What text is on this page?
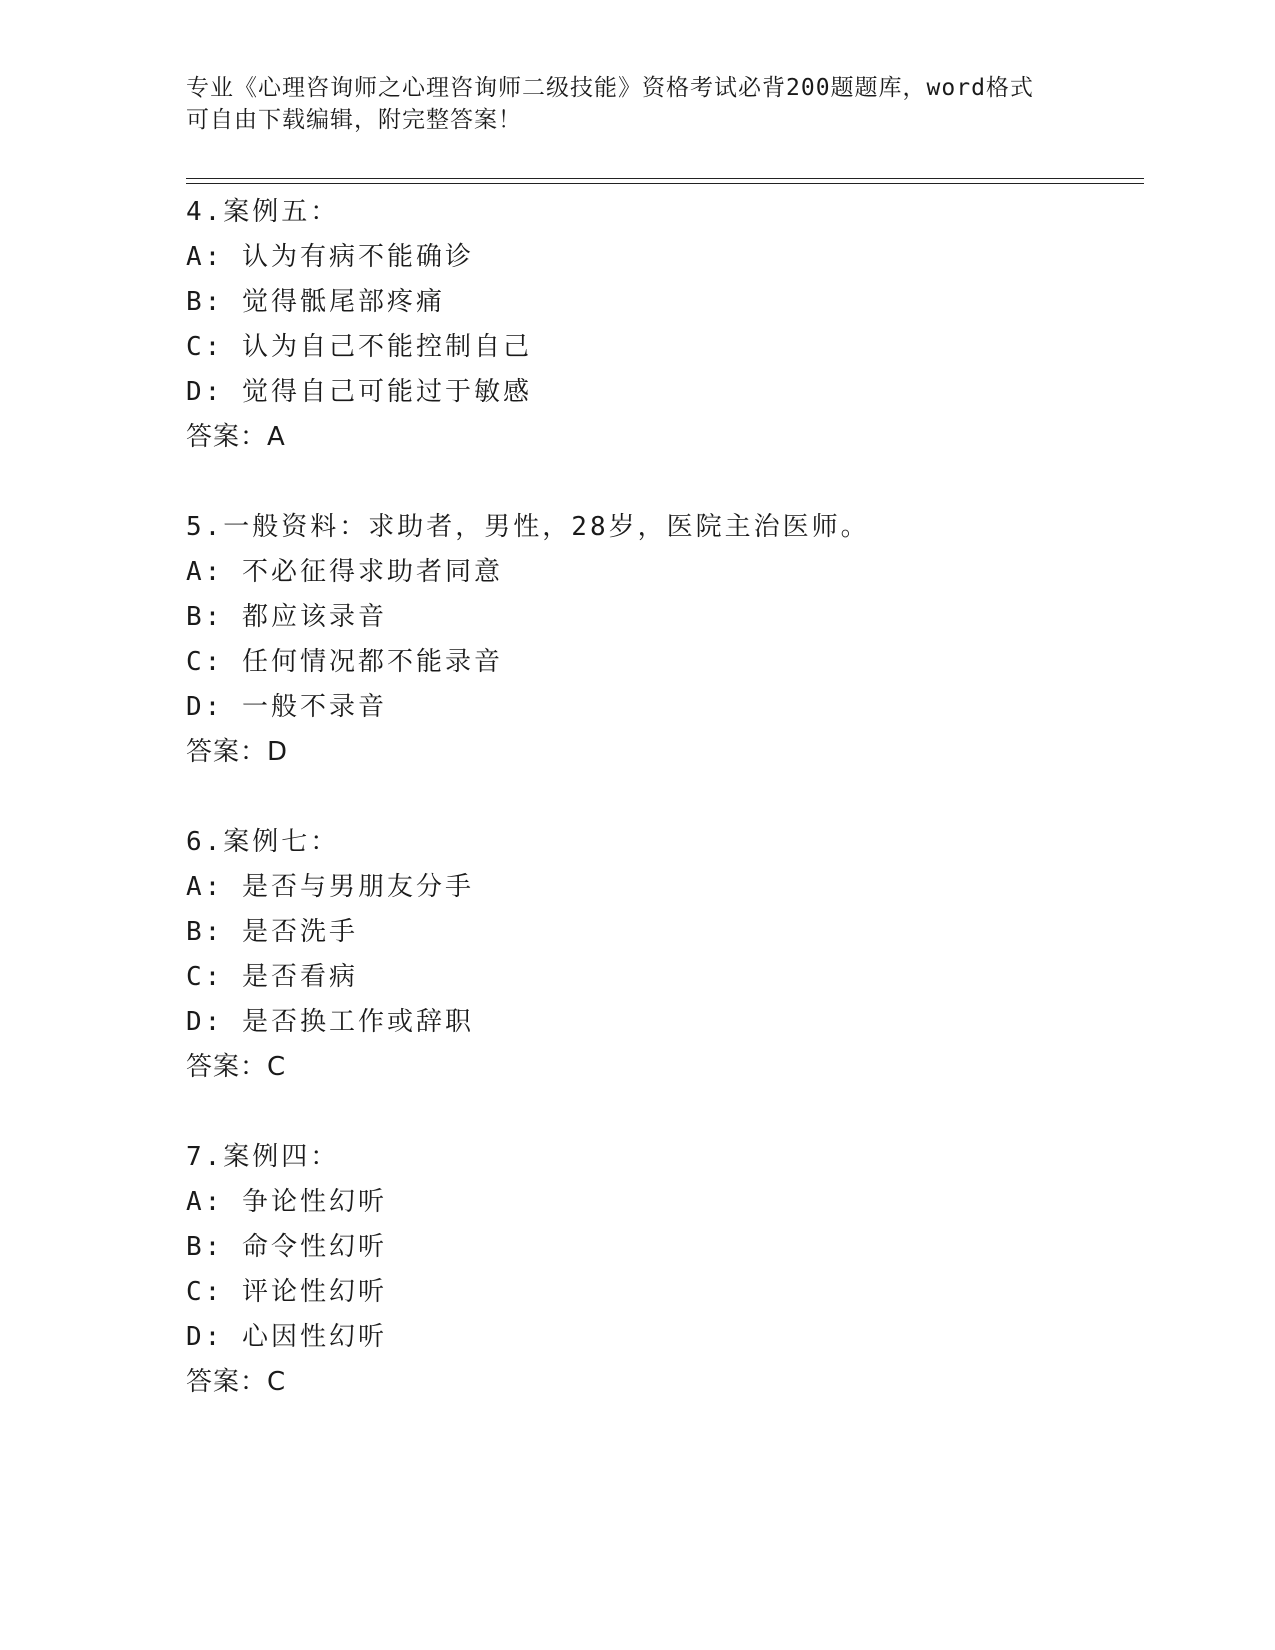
专业《心理咨询师之心理咨询师二级技能》资格考试必背200题题库，word格式
可自由下载编辑，附完整答案！
4.案例五：
A: 认为有病不能确诊
B: 觉得骶尾部疼痛
C: 认为自己不能控制自己
D: 觉得自己可能过于敏感
答案：A
5.一般资料：求助者，男性，28岁，医院主治医师。
A: 不必征得求助者同意
B: 都应该录音
C: 任何情况都不能录音
D: 一般不录音
答案：D
6.案例七：
A: 是否与男朋友分手
B: 是否洗手
C: 是否看病
D: 是否换工作或辞职
答案：C
7.案例四：
A: 争论性幻听
B: 命令性幻听
C: 评论性幻听
D: 心因性幻听
答案：C
